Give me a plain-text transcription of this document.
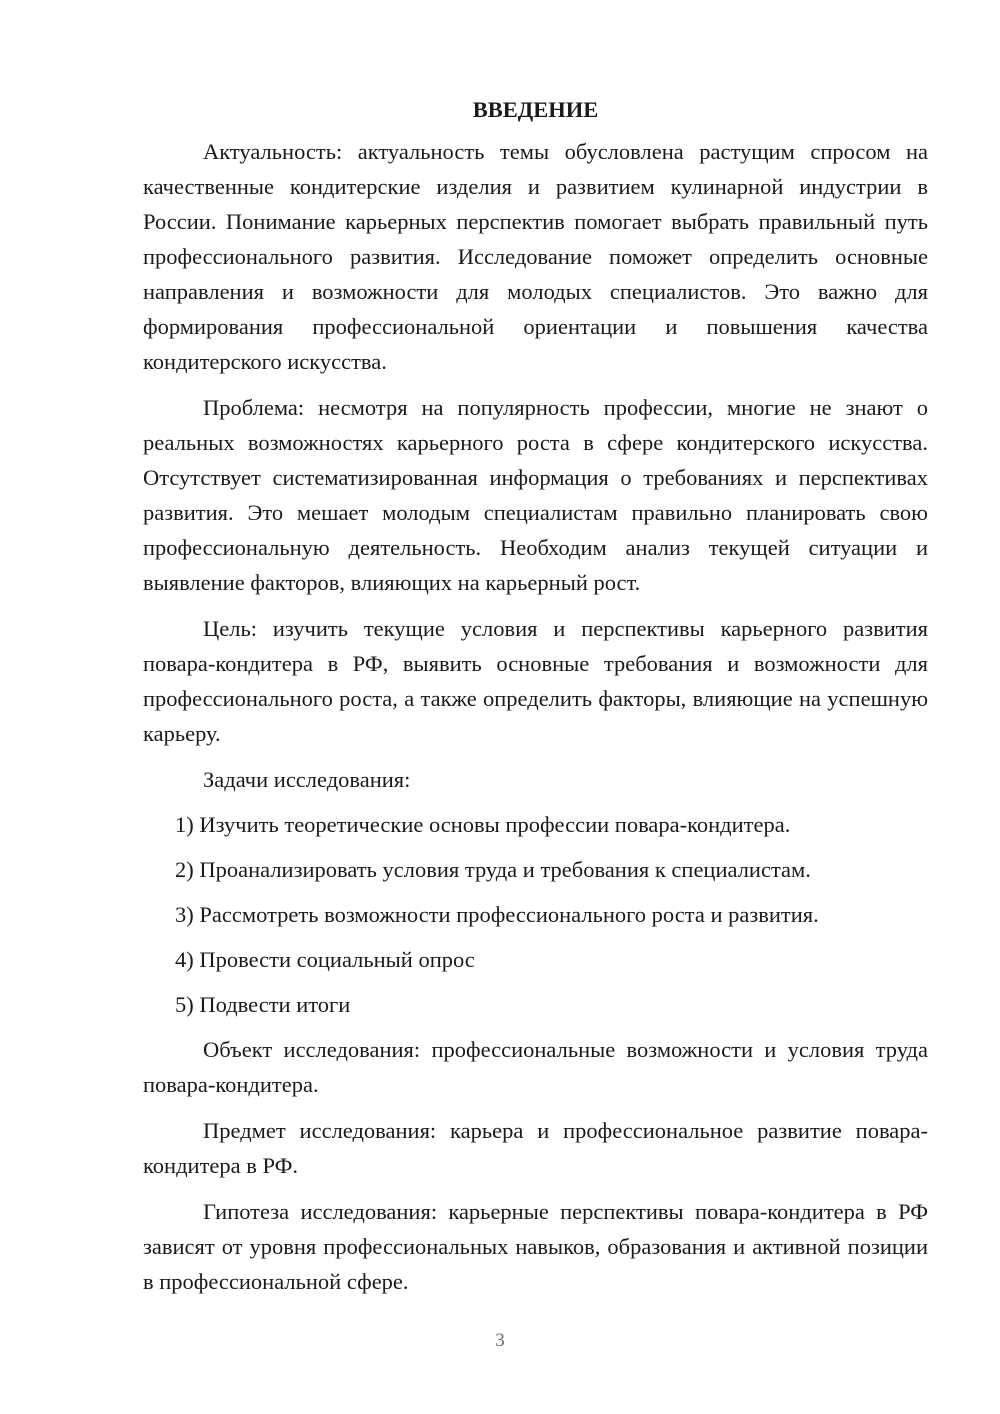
ВВЕДЕНИЕ

Актуальность: актуальность темы обусловлена растущим спросом на качественные кондитерские изделия и развитием кулинарной индустрии в России. Понимание карьерных перспектив помогает выбрать правильный путь профессионального развития. Исследование поможет определить основные направления и возможности для молодых специалистов. Это важно для формирования профессиональной ориентации и повышения качества кондитерского искусства.

Проблема: несмотря на популярность профессии, многие не знают о реальных возможностях карьерного роста в сфере кондитерского искусства. Отсутствует систематизированная информация о требованиях и перспективах развития. Это мешает молодым специалистам правильно планировать свою профессиональную деятельность. Необходим анализ текущей ситуации и выявление факторов, влияющих на карьерный рост.

Цель: изучить текущие условия и перспективы карьерного развития повара-кондитера в РФ, выявить основные требования и возможности для профессионального роста, а также определить факторы, влияющие на успешную карьеру.

Задачи исследования:

1) Изучить теоретические основы профессии повара-кондитера.
2) Проанализировать условия труда и требования к специалистам.
3) Рассмотреть возможности профессионального роста и развития.
4) Провести социальный опрос
5) Подвести итоги

Объект исследования: профессиональные возможности и условия труда повара-кондитера.

Предмет исследования: карьера и профессиональное развитие повара-кондитера в РФ.

Гипотеза исследования: карьерные перспективы повара-кондитера в РФ зависят от уровня профессиональных навыков, образования и активной позиции в профессиональной сфере.

3
